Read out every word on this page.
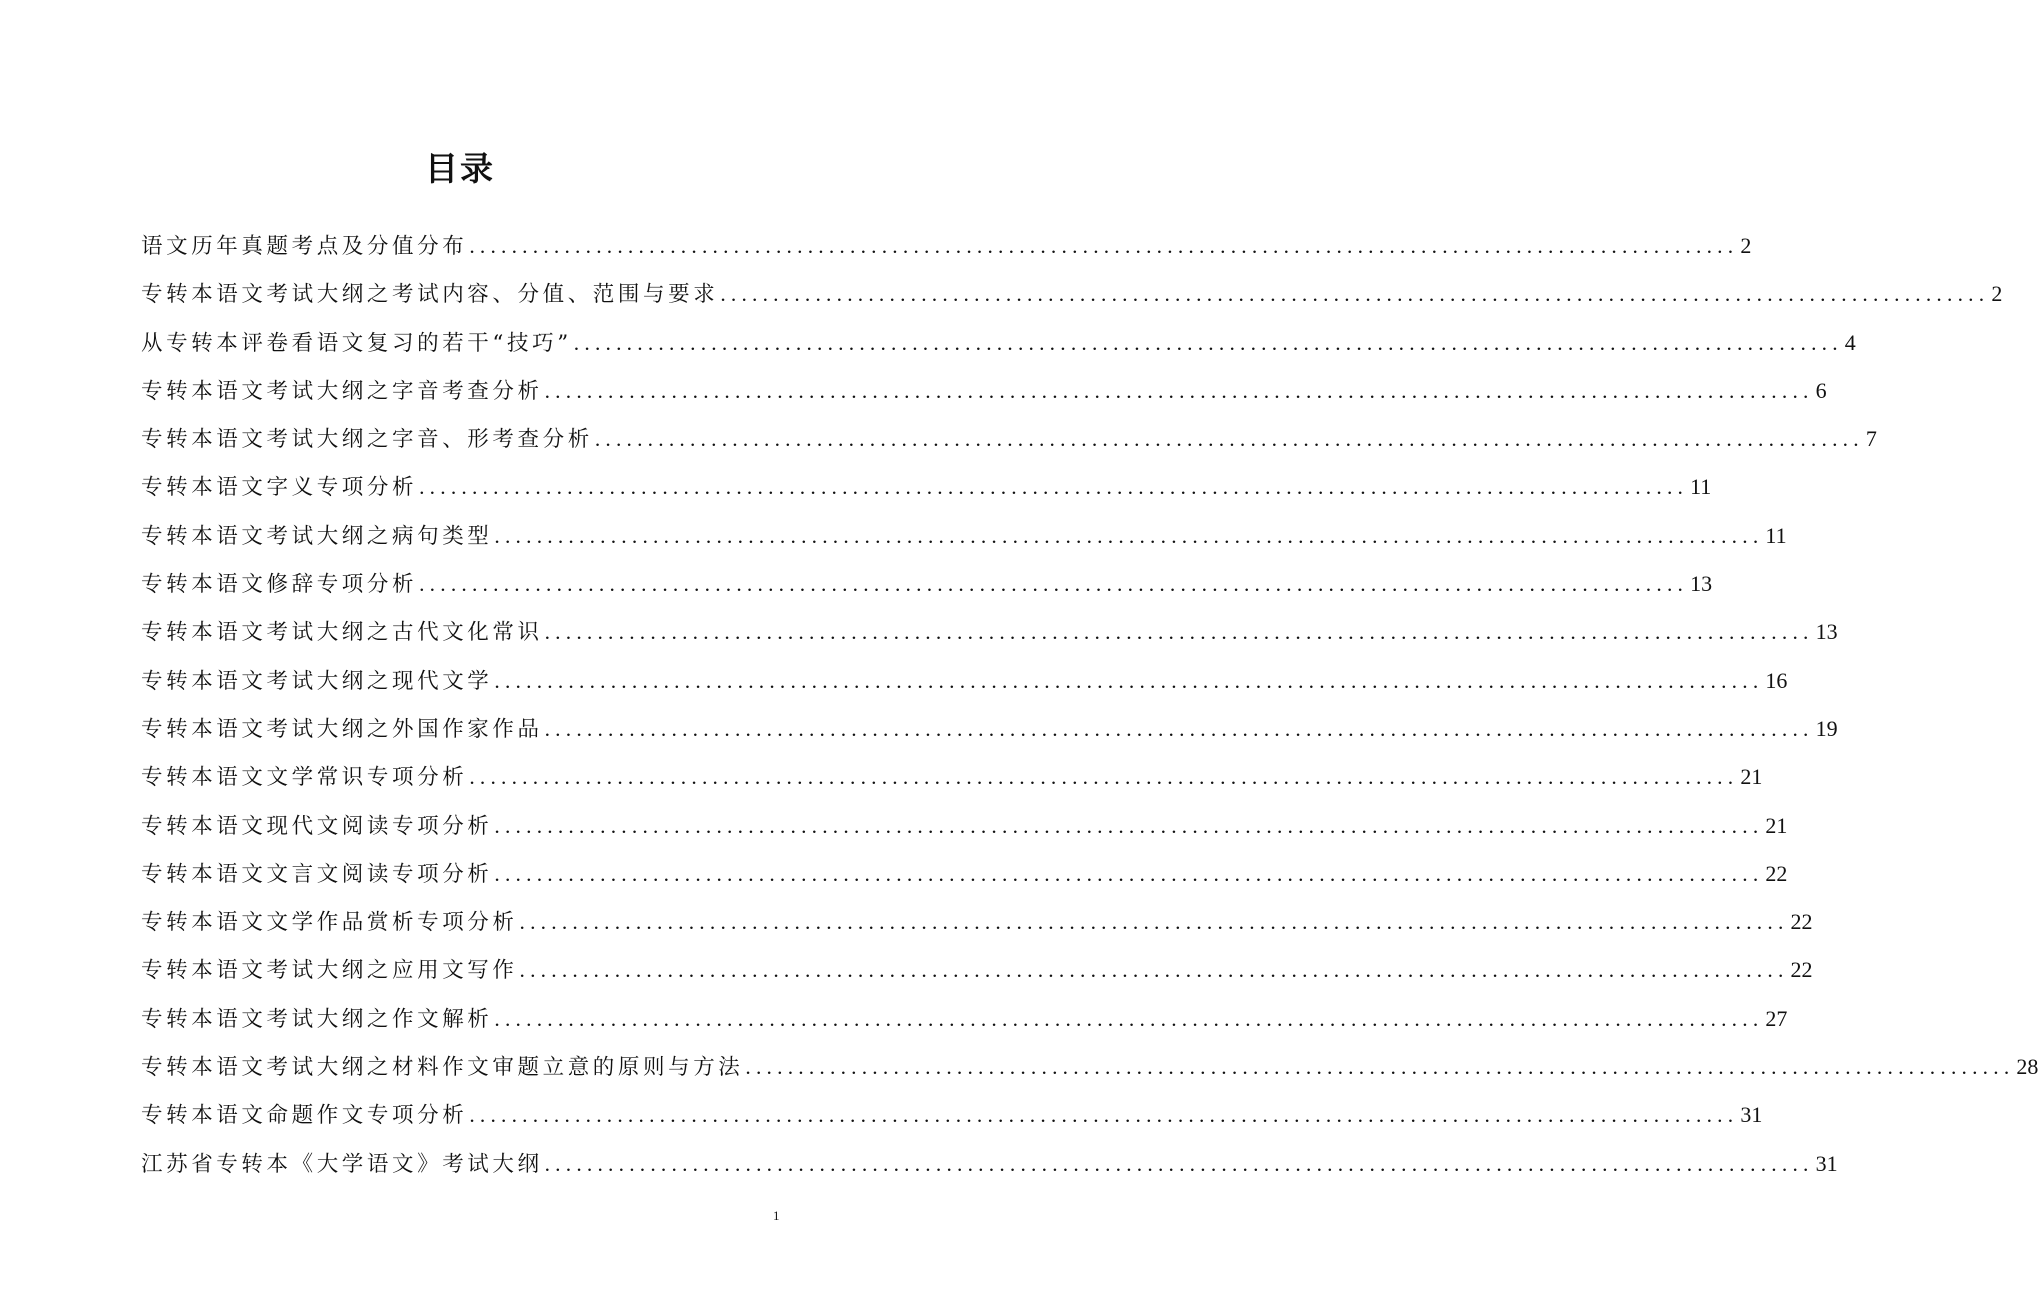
目录
语文历年真题考点及分值分布 ........................................................................................................................ 2
专转本语文考试大纲之考试内容、分值、范围与要求 ........................................................................................................................ 2
从专转本评卷看语文复习的若干“技巧” ........................................................................................................................ 4
专转本语文考试大纲之字音考查分析 ........................................................................................................................ 6
专转本语文考试大纲之字音、形考查分析 ........................................................................................................................ 7
专转本语文字义专项分析 ........................................................................................................................ 11
专转本语文考试大纲之病句类型 ........................................................................................................................ 11
专转本语文修辞专项分析 ........................................................................................................................ 13
专转本语文考试大纲之古代文化常识 ........................................................................................................................ 13
专转本语文考试大纲之现代文学 ........................................................................................................................ 16
专转本语文考试大纲之外国作家作品 ........................................................................................................................ 19
专转本语文文学常识专项分析 ........................................................................................................................ 21
专转本语文现代文阅读专项分析 ........................................................................................................................ 21
专转本语文文言文阅读专项分析 ........................................................................................................................ 22
专转本语文文学作品赏析专项分析 ........................................................................................................................ 22
专转本语文考试大纲之应用文写作 ........................................................................................................................ 22
专转本语文考试大纲之作文解析 ........................................................................................................................ 27
专转本语文考试大纲之材料作文审题立意的原则与方法 ........................................................................................................................ 28
专转本语文命题作文专项分析 ........................................................................................................................ 31
江苏省专转本《大学语文》考试大纲 ........................................................................................................................ 31
1
